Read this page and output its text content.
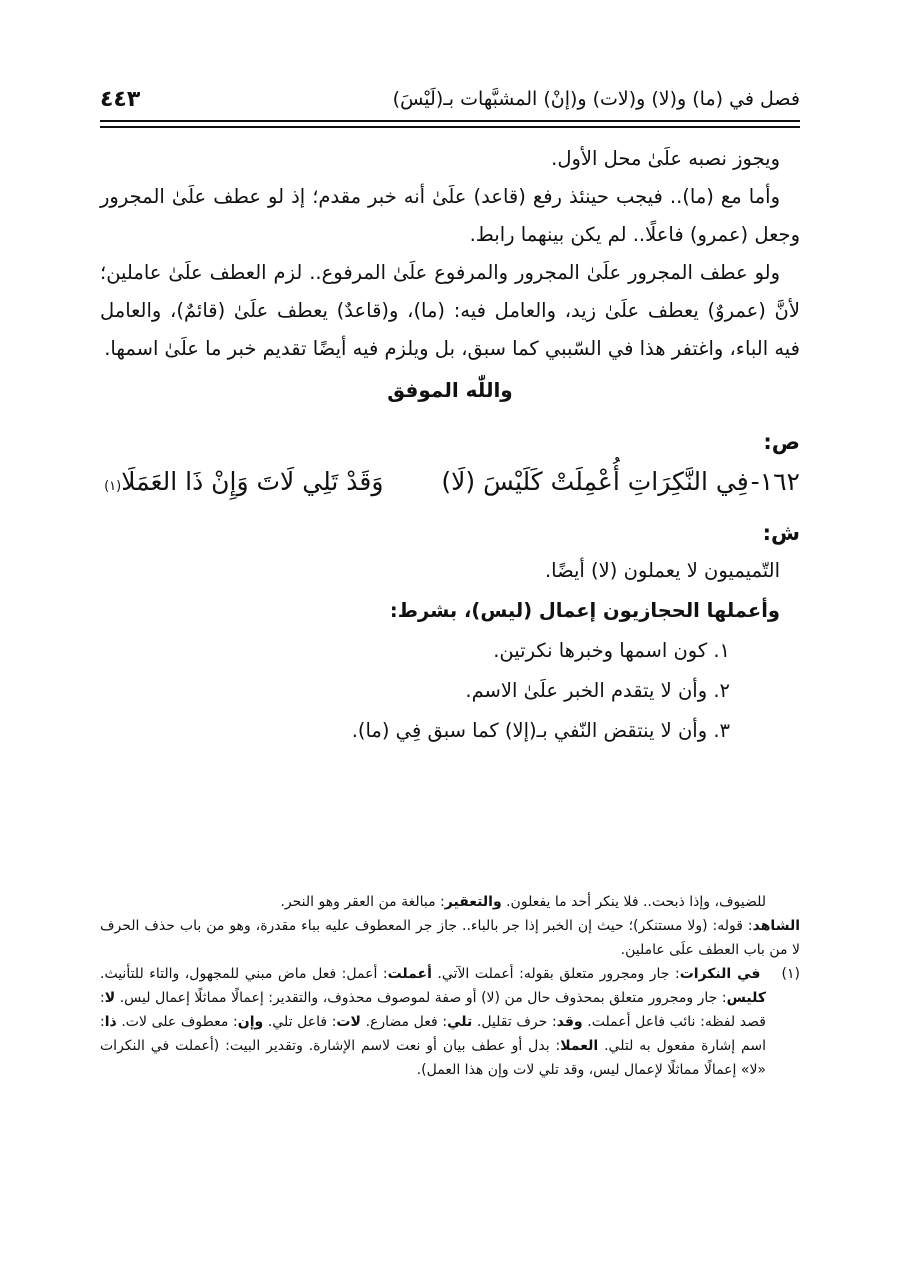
فصل في (ما) و(لا) و(لات) و(إنْ) المشبَّهات بـ(لَيْسَ)
٤٤٣

ويجوز نصبه علَىٰ محل الأول.

وأما مع (ما).. فيجب حينئذ رفع (قاعد) علَىٰ أنه خبر مقدم؛ إذ لو عطف علَىٰ المجرور وجعل (عمرو) فاعلًا.. لم يكن بينهما رابط.

ولو عطف المجرور علَىٰ المجرور والمرفوع علَىٰ المرفوع.. لزم العطف علَىٰ عاملين؛ لأنَّ (عمروٌ) يعطف علَىٰ زيد، والعامل فيه: (ما)، و(قاعدٌ) يعطف علَىٰ (قائمٌ)، والعامل فيه الباء، واغتفر هذا في السّببي كما سبق، بل ويلزم فيه أيضًا تقديم خبر ما علَىٰ اسمها.

واللّٰه الموفق

ص:

١٦٢-
فِي النَّكِرَاتِ أُعْمِلَتْ كَلَيْسَ (لَا)
وَقَدْ تَلِي لَاتَ وَإِنْ ذَا العَمَلَا
(١)

ش:

التّميميون لا يعملون (لا) أيضًا.

وأعملها الحجازيون إعمال (ليس)، بشرط:

١. كون اسمها وخبرها نكرتين.

٢. وأن لا يتقدم الخبر علَىٰ الاسم.

٣. وأن لا ينتقض النّفي بـ(إلا) كما سبق فِي (ما).

للضيوف، وإذا ذبحت.. فلا ينكر أحد ما يفعلون. والتعقير: مبالغة من العقر وهو النحر.

الشاهد: قوله: (ولا مستنكر)؛ حيث إن الخبر إذا جر بالباء.. جاز جر المعطوف عليه بباء مقدرة، وهو من باب حذف الحرف لا من باب العطف علَى عاملين.

(١) في النكرات: جار ومجرور متعلق بقوله: أعملت الآتي. أعملت: أعمل: فعل ماض مبني للمجهول، والتاء للتأنيث. كليس: جار ومجرور متعلق بمحذوف حال من (لا) أو صفة لموصوف محذوف، والتقدير: إعمالًا مماثلًا إعمال ليس. لا: قصد لفظه: نائب فاعل أعملت. وقد: حرف تقليل. تلي: فعل مضارع. لات: فاعل تلي. وإن: معطوف على لات. ذا: اسم إشارة مفعول به لتلي. العملا: بدل أو عطف بيان أو نعت لاسم الإشارة. وتقدير البيت: (أعملت في النكرات «لا» إعمالًا مماثلًا لإعمال ليس، وقد تلي لات وإن هذا العمل).
